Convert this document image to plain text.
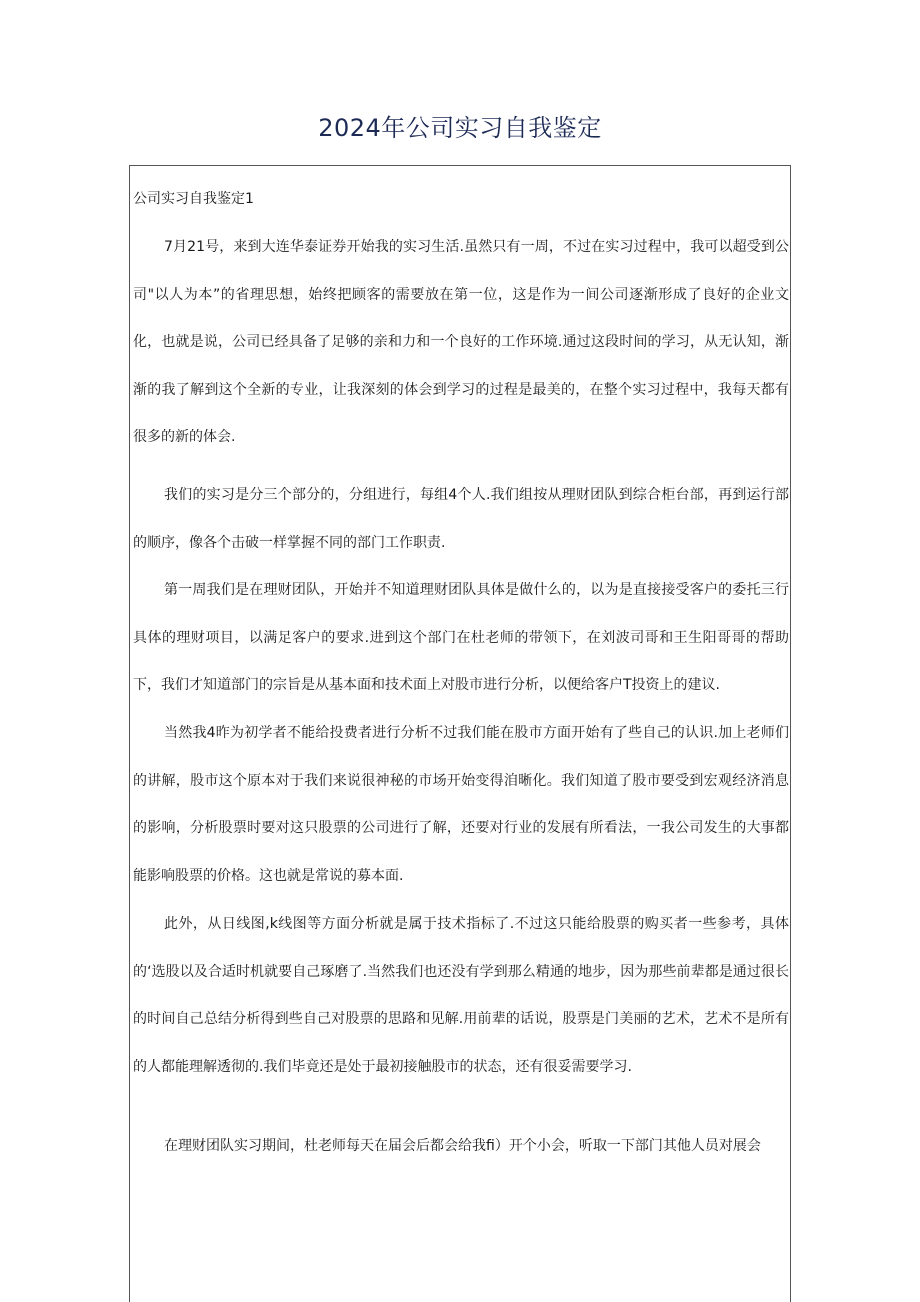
2024年公司实习自我鉴定
公司实习自我鉴定1

7月21号，来到大连华泰证券开始我的实习生活.虽然只有一周，不过在实习过程中，我可以超受到公司"以人为本”的省理思想，始终把顾客的需要放在第一位，这是作为一间公司逐渐形成了良好的企业文化，也就是说，公司已经具备了足够的亲和力和一个良好的工作环境.通过这段时间的学习，从无认知，渐渐的我了解到这个全新的专业，让我深刻的体会到学习的过程是最美的，在整个实习过程中，我每天都有很多的新的体会.

我们的实习是分三个部分的，分组进行，每组4个人.我们组按从理财团队到综合柜台部，再到运行部的顺序，像各个击破一样掌握不同的部门工作职责.

第一周我们是在理财团队，开始并不知道理财团队具体是做什么的，以为是直接接受客户的委托三行具体的理财项目，以满足客户的要求.进到这个部门在杜老师的带领下，在刘波司哥和王生阳哥哥的帮助下，我们才知道部门的宗旨是从基本面和技术面上对股市进行分析，以便给客户T投资上的建议.

当然我4昨为初学者不能给投费者进行分析不过我们能在股市方面开始有了些自己的认识.加上老师们的讲解，股市这个原本对于我们来说很神秘的市场开始变得洎晰化。我们知道了股市要受到宏观经济消息的影响，分析股票时要对这只股票的公司进行了解，还要对行业的发展有所看法，一我公司发生的大事都能影响股票的价格。这也就是常说的募本面.

此外，从日线图,k线图等方面分析就是属于技术指标了.不过这只能给股票的购买者一些参考，具体的‘选股以及合适时机就要自己琢磨了.当然我们也还没有学到那么精通的地步，因为那些前辈都是通过很长的时间自己总结分析得到些自己对股票的思路和见解.用前辈的话说，股票是门美丽的艺术，艺术不是所有的人都能理解透彻的.我们毕竟还是处于最初接触股市的状态，还有很妥需要学习.

在理财团队实习期间，杜老师每天在届会后都会给我fi）开个小会，听取一下部门其他人员对展会
